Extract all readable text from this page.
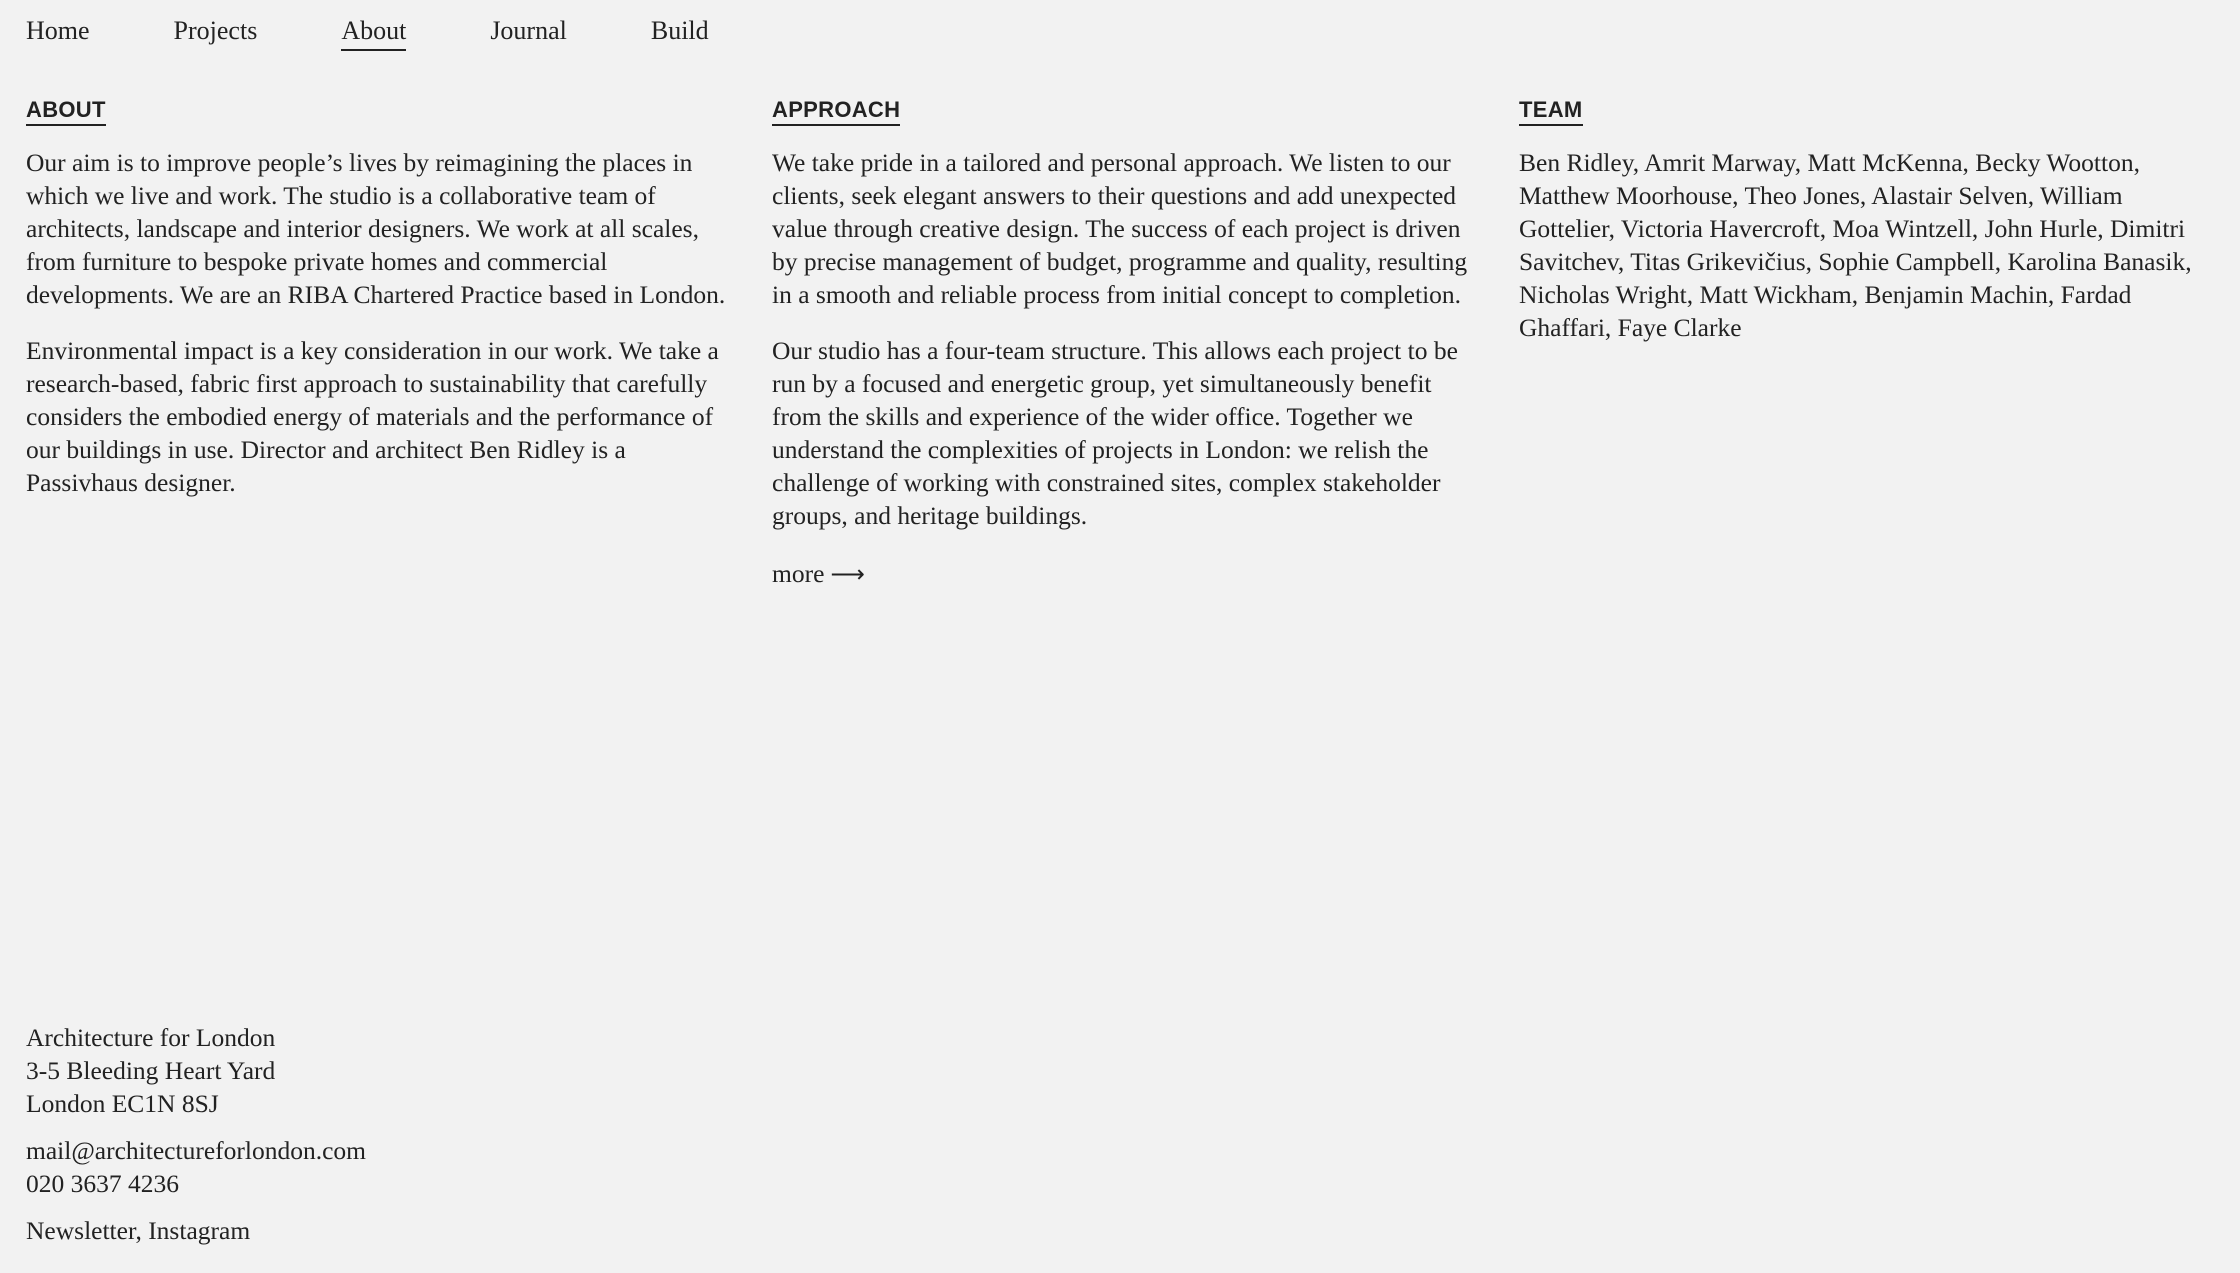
Home	Projects	About	Journal	Build
ABOUT

Our aim is to improve people’s lives by reimagining the places in which we live and work. The studio is a collaborative team of architects, landscape and interior designers. We work at all scales, from furniture to bespoke private homes and commercial developments. We are an RIBA Chartered Practice based in London.

Environmental impact is a key consideration in our work. We take a research-based, fabric first approach to sustainability that carefully considers the embodied energy of materials and the performance of our buildings in use. Director and architect Ben Ridley is a Passivhaus designer.

APPROACH

We take pride in a tailored and personal approach. We listen to our clients, seek elegant answers to their questions and add unexpected value through creative design. The success of each project is driven by precise management of budget, programme and quality, resulting in a smooth and reliable process from initial concept to completion.

Our studio has a four-team structure. This allows each project to be run by a focused and energetic group, yet simultaneously benefit from the skills and experience of the wider office. Together we understand the complexities of projects in London: we relish the challenge of working with constrained sites, complex stakeholder groups, and heritage buildings.

more ⟶
TEAM

Ben Ridley, Amrit Marway, Matt McKenna, Becky Wootton, Matthew Moorhouse, Theo Jones, Alastair Selven, William Gottelier, Victoria Havercroft, Moa Wintzell, John Hurle, Dimitri Savitchev, Titas Grikevičius, Sophie Campbell, Karolina Banasik, Nicholas Wright, Matt Wickham, Benjamin Machin, Fardad Ghaffari, Faye Clarke

Architecture for London
3-5 Bleeding Heart Yard
London EC1N 8SJ
mail@architectureforlondon.com
020 3637 4236
Newsletter, Instagram
